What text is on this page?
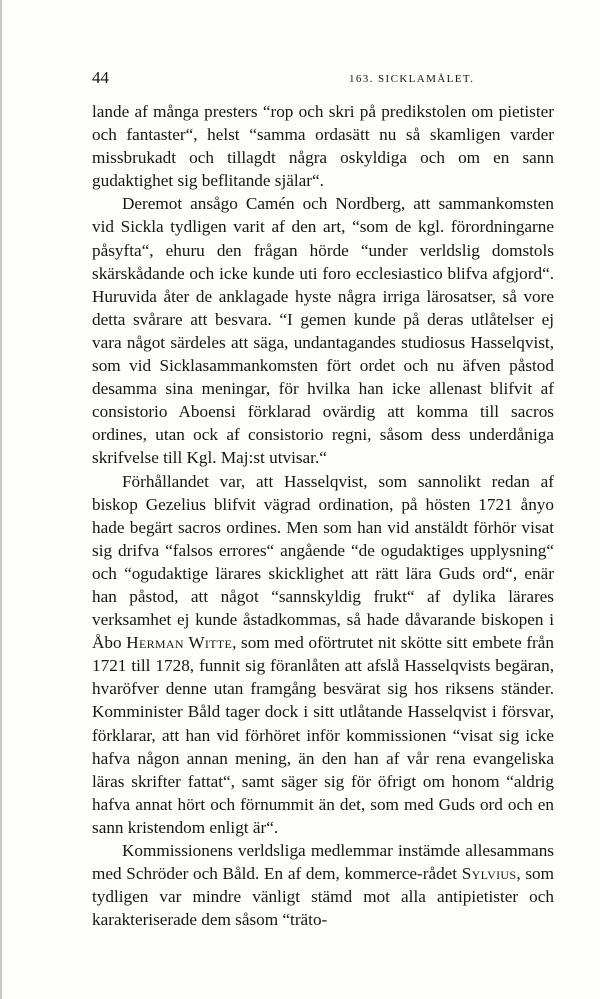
44	163. SICKLAMÅLET.

lande af många presters “rop och skri på predikstolen om pietister och fantaster“, helst “samma ordasätt nu så skamligen varder missbrukadt och tillagdt några oskyldiga och om en sann gudaktighet sig beflitande själar“.

Deremot ansågo Camén och Nordberg, att sammankomsten vid Sickla tydligen varit af den art, “som de kgl. förordningarne påsyfta“, ehuru den frågan hörde “under verldslig domstols skärskådande och icke kunde uti foro ecclesiastico blifva afgjord“. Huruvida åter de anklagade hyste några irriga lärosatser, så vore detta svårare att besvara. “I gemen kunde på deras utlåtelser ej vara något särdeles att säga, undantagandes studiosus Hasselqvist, som vid Sicklasammankomsten fört ordet och nu äfven påstod desamma sina meningar, för hvilka han icke allenast blifvit af consistorio Aboensi förklarad ovärdig att komma till sacros ordines, utan ock af consistorio regni, såsom dess underdåniga skrifvelse till Kgl. Maj:st utvisar.“

Förhållandet var, att Hasselqvist, som sannolikt redan af biskop Gezelius blifvit vägrad ordination, på hösten 1721 ånyo hade begärt sacros ordines. Men som han vid anstäldt förhör visat sig drifva “falsos errores“ angående “de ogudaktiges upplysning“ och “ogudaktige lärares skicklighet att rätt lära Guds ord“, enär han påstod, att något “sannskyldig frukt“ af dylika lärares verksamhet ej kunde åstadkommas, så hade dåvarande biskopen i Åbo Herman Witte, som med oförtrutet nit skötte sitt embete från 1721 till 1728, funnit sig föranlåten att afslå Hasselqvists begäran, hvaröfver denne utan framgång besvärat sig hos riksens ständer. Komminister Båld tager dock i sitt utlåtande Hasselqvist i försvar, förklarar, att han vid förhöret inför kommissionen “visat sig icke hafva någon annan mening, än den han af vår rena evangeliska läras skrifter fattat“, samt säger sig för öfrigt om honom “aldrig hafva annat hört och förnummit än det, som med Guds ord och en sann kristendom enligt är“.

Kommissionens verldsliga medlemmar instämde allesammans med Schröder och Båld. En af dem, kommerce-rådet Sylvius, som tydligen var mindre vänligt stämd mot alla antipietister och karakteriserade dem såsom “träto-
